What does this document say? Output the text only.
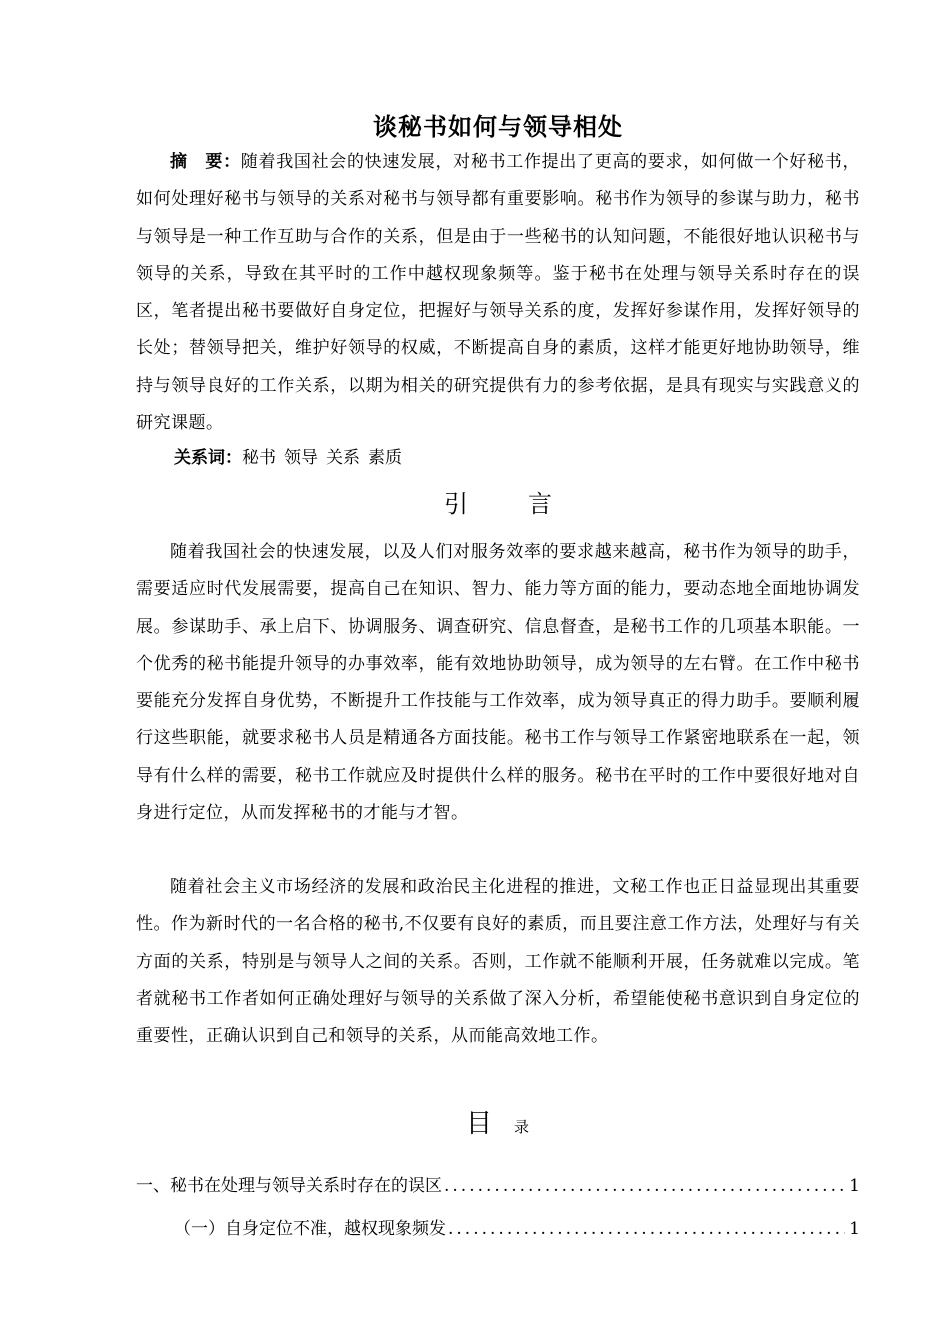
谈秘书如何与领导相处
摘　要：随着我国社会的快速发展，对秘书工作提出了更高的要求，如何做一个好秘书，如何处理好秘书与领导的关系对秘书与领导都有重要影响。秘书作为领导的参谋与助力，秘书与领导是一种工作互助与合作的关系，但是由于一些秘书的认知问题，不能很好地认识秘书与领导的关系，导致在其平时的工作中越权现象频等。鉴于秘书在处理与领导关系时存在的误区，笔者提出秘书要做好自身定位，把握好与领导关系的度，发挥好参谋作用，发挥好领导的长处；替领导把关，维护好领导的权威，不断提高自身的素质，这样才能更好地协助领导，维持与领导良好的工作关系，以期为相关的研究提供有力的参考依据，是具有现实与实践意义的研究课题。
关系词：秘书 领导 关系 素质
引言
随着我国社会的快速发展，以及人们对服务效率的要求越来越高，秘书作为领导的助手，需要适应时代发展需要，提高自己在知识、智力、能力等方面的能力，要动态地全面地协调发展。参谋助手、承上启下、协调服务、调查研究、信息督查，是秘书工作的几项基本职能。一个优秀的秘书能提升领导的办事效率，能有效地协助领导，成为领导的左右臂。在工作中秘书要能充分发挥自身优势，不断提升工作技能与工作效率，成为领导真正的得力助手。要顺利履行这些职能，就要求秘书人员是精通各方面技能。秘书工作与领导工作紧密地联系在一起，领导有什么样的需要，秘书工作就应及时提供什么样的服务。秘书在平时的工作中要很好地对自身进行定位，从而发挥秘书的才能与才智。
随着社会主义市场经济的发展和政治民主化进程的推进，文秘工作也正日益显现出其重要性。作为新时代的一名合格的秘书,不仅要有良好的素质，而且要注意工作方法，处理好与有关方面的关系，特别是与领导人之间的关系。否则，工作就不能顺利开展，任务就难以完成。笔者就秘书工作者如何正确处理好与领导的关系做了深入分析，希望能使秘书意识到自身定位的重要性，正确认识到自己和领导的关系，从而能高效地工作。
目 录
一、秘书在处理与领导关系时存在的误区 .....	1
（一）自身定位不准，越权现象频发 .....	1
